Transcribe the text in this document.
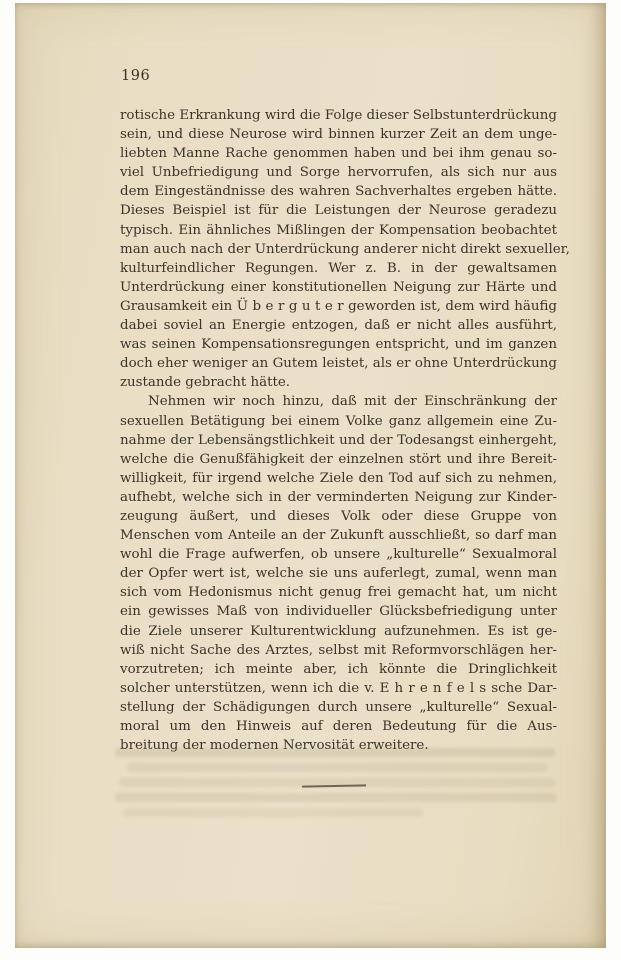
196
rotische Erkrankung wird die Folge dieser Selbstunterdrückung
sein, und diese Neurose wird binnen kurzer Zeit an dem unge-
liebten Manne Rache genommen haben und bei ihm genau so-
viel Unbefriedigung und Sorge hervorrufen, als sich nur aus
dem Eingeständnisse des wahren Sachverhaltes ergeben hätte.
Dieses Beispiel ist für die Leistungen der Neurose geradezu
typisch. Ein ähnliches Mißlingen der Kompensation beobachtet
man auch nach der Unterdrückung anderer nicht direkt sexueller,
kulturfeindlicher Regungen. Wer z. B. in der gewaltsamen
Unterdrückung einer konstitutionellen Neigung zur Härte und
Grausamkeit ein Ü b e r g u t e r geworden ist, dem wird häufig
dabei soviel an Energie entzogen, daß er nicht alles ausführt,
was seinen Kompensationsregungen entspricht, und im ganzen
doch eher weniger an Gutem leistet, als er ohne Unterdrückung
zustande gebracht hätte.
Nehmen wir noch hinzu, daß mit der Einschränkung der
sexuellen Betätigung bei einem Volke ganz allgemein eine Zu-
nahme der Lebensängstlichkeit und der Todesangst einhergeht,
welche die Genußfähigkeit der einzelnen stört und ihre Bereit-
willigkeit, für irgend welche Ziele den Tod auf sich zu nehmen,
aufhebt, welche sich in der verminderten Neigung zur Kinder-
zeugung äußert, und dieses Volk oder diese Gruppe von
Menschen vom Anteile an der Zukunft ausschließt, so darf man
wohl die Frage aufwerfen, ob unsere „kulturelle“ Sexualmoral
der Opfer wert ist, welche sie uns auferlegt, zumal, wenn man
sich vom Hedonismus nicht genug frei gemacht hat, um nicht
ein gewisses Maß von individueller Glücksbefriedigung unter
die Ziele unserer Kulturentwicklung aufzunehmen. Es ist ge-
wiß nicht Sache des Arztes, selbst mit Reformvorschlägen her-
vorzutreten; ich meinte aber, ich könnte die Dringlichkeit
solcher unterstützen, wenn ich die v. E h r e n f e l s sche Dar-
stellung der Schädigungen durch unsere „kulturelle“ Sexual-
moral um den Hinweis auf deren Bedeutung für die Aus-
breitung der modernen Nervosität erweitere.
